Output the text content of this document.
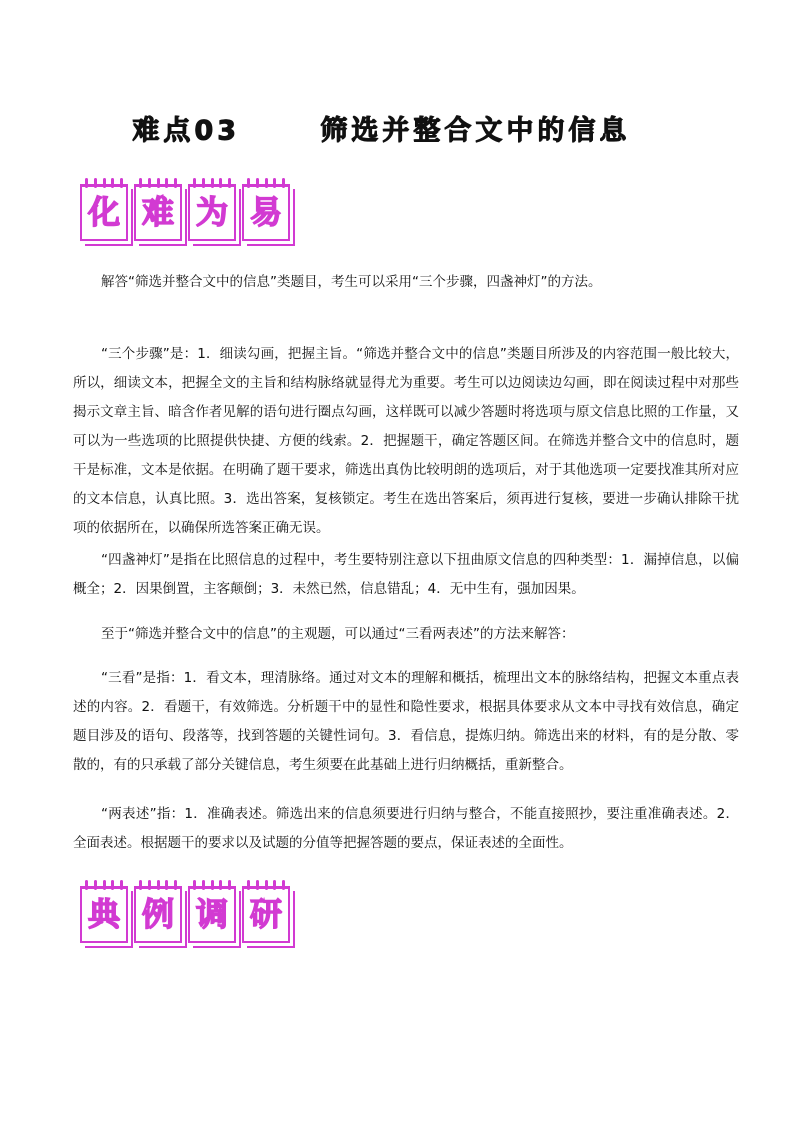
难点03	筛选并整合文中的信息
化 难 为 易

解答“筛选并整合文中的信息”类题目，考生可以采用“三个步骤，四盏神灯”的方法。

“三个步骤”是：1．细读勾画，把握主旨。“筛选并整合文中的信息”类题目所涉及的内容范围一般比较大，所以，细读文本，把握全文的主旨和结构脉络就显得尤为重要。考生可以边阅读边勾画，即在阅读过程中对那些揭示文章主旨、暗含作者见解的语句进行圈点勾画，这样既可以减少答题时将选项与原文信息比照的工作量，又可以为一些选项的比照提供快捷、方便的线索。2．把握题干，确定答题区间。在筛选并整合文中的信息时，题干是标准，文本是依据。在明确了题干要求，筛选出真伪比较明朗的选项后，对于其他选项一定要找准其所对应的文本信息，认真比照。3．选出答案，复核锁定。考生在选出答案后，须再进行复核，要进一步确认排除干扰项的依据所在，以确保所选答案正确无误。

“四盏神灯”是指在比照信息的过程中，考生要特别注意以下扭曲原文信息的四种类型：1．漏掉信息，以偏概全；2．因果倒置，主客颠倒；3．未然已然，信息错乱；4．无中生有，强加因果。

至于“筛选并整合文中的信息”的主观题，可以通过“三看两表述”的方法来解答：

“三看”是指：1．看文本，理清脉络。通过对文本的理解和概括，梳理出文本的脉络结构，把握文本重点表述的内容。2．看题干，有效筛选。分析题干中的显性和隐性要求，根据具体要求从文本中寻找有效信息，确定题目涉及的语句、段落等，找到答题的关键性词句。3．看信息，提炼归纳。筛选出来的材料，有的是分散、零散的，有的只承载了部分关键信息，考生须要在此基础上进行归纳概括，重新整合。

“两表述”指：1．准确表述。筛选出来的信息须要进行归纳与整合，不能直接照抄，要注重准确表述。2．全面表述。根据题干的要求以及试题的分值等把握答题的要点，保证表述的全面性。

典 例 调 研
